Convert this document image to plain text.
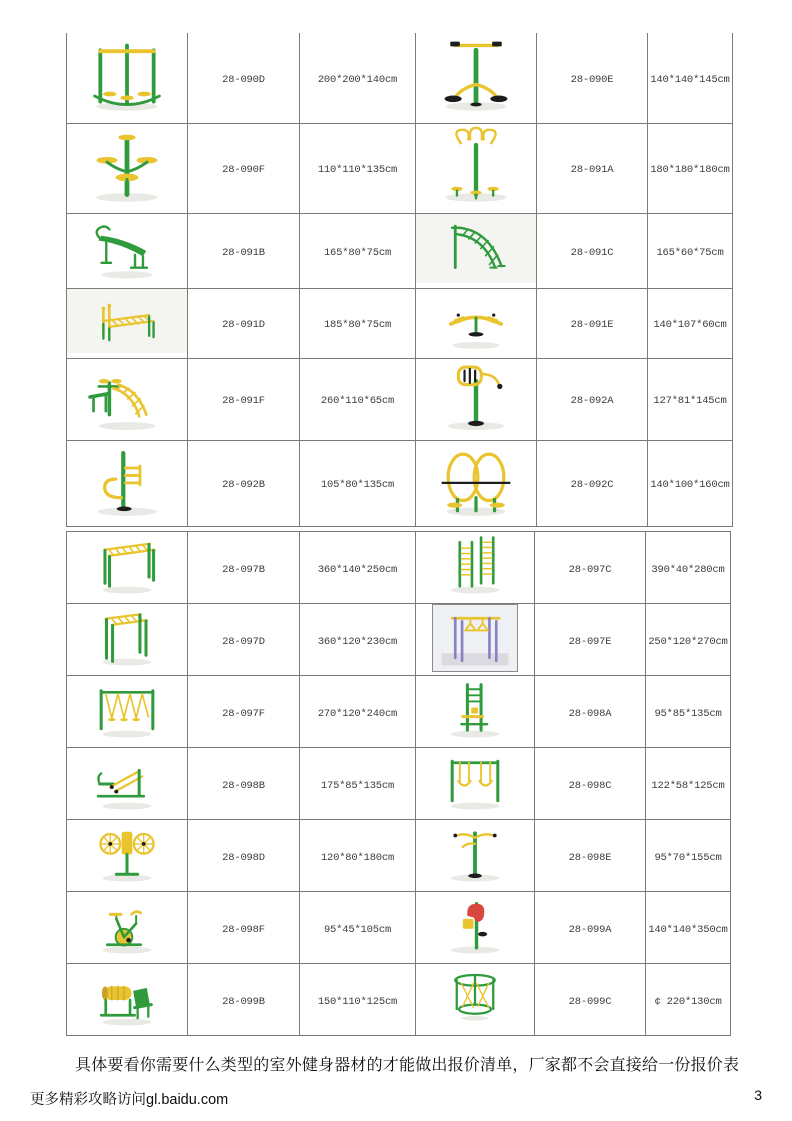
	28-090D	200*200*140cm		28-090E	140*140*145cm

	28-090F	110*110*135cm		28-091A	180*180*180cm

	28-091B	165*80*75cm		28-091C	165*60*75cm

	28-091D	185*80*75cm		28-091E	140*107*60cm

	28-091F	260*110*65cm		28-092A	127*81*145cm

	28-092B	105*80*135cm		28-092C	140*100*160cm
	28-097B	360*140*250cm		28-097C	390*40*280cm

	28-097D	360*120*230cm		28-097E	250*120*270cm

	28-097F	270*120*240cm		28-098A	95*85*135cm

	28-098B	175*85*135cm		28-098C	122*58*125cm

	28-098D	120*80*180cm		28-098E	95*70*155cm

	28-098F	95*45*105cm		28-099A	140*140*350cm

	28-099B	150*110*125cm		28-099C	¢ 220*130cm
具体要看你需要什么类型的室外健身器材的才能做出报价清单，厂家都不会直接给一份报价表
更多精彩攻略访问gl.baidu.com	3
